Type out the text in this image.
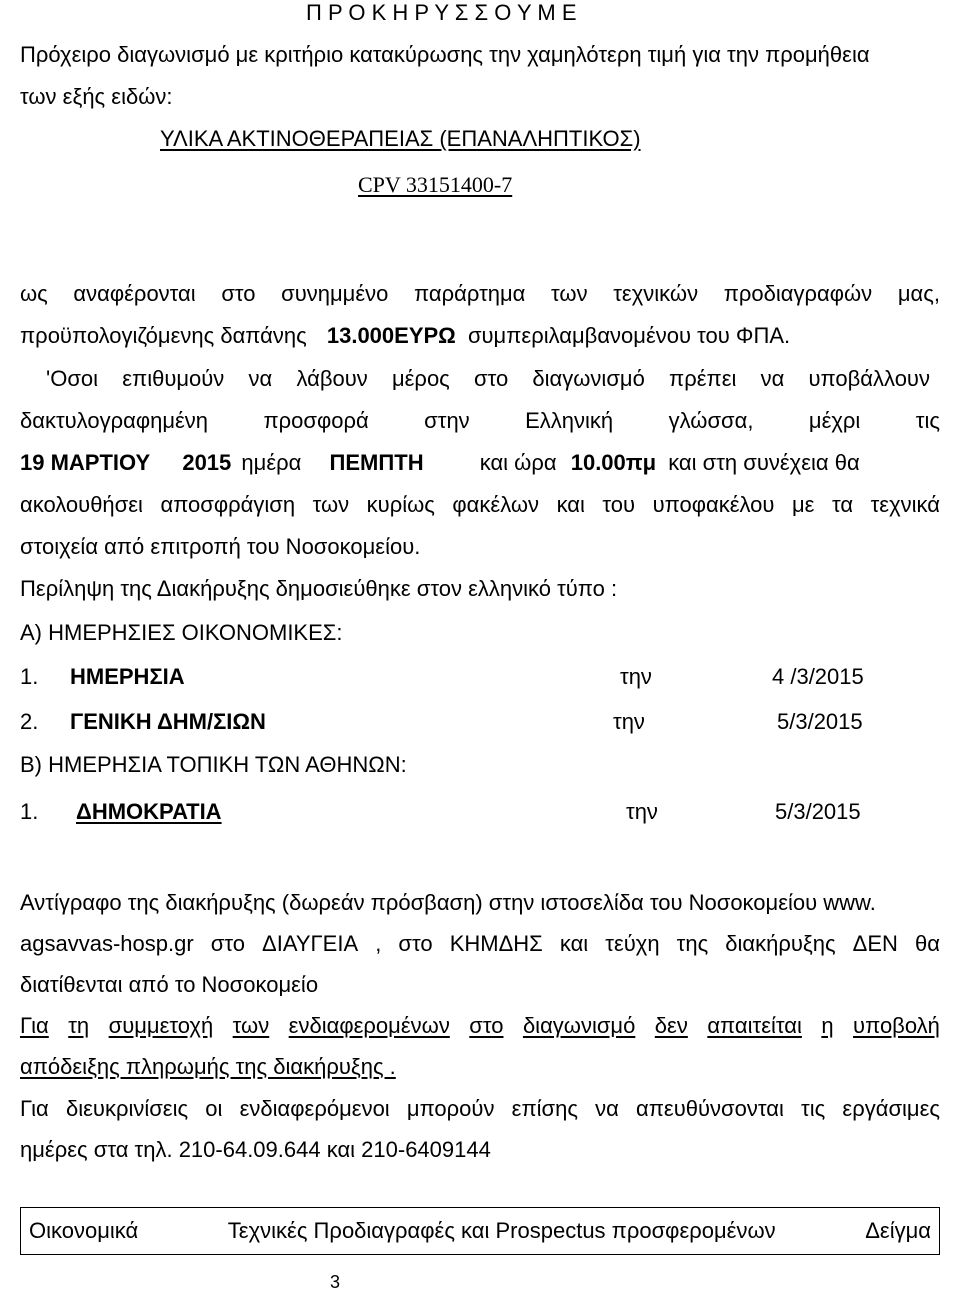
Π Ρ Ο Κ Η Ρ Υ Σ Σ Ο Υ Μ Ε
Πρόχειρο διαγωνισμό με κριτήριο κατακύρωσης την χαμηλότερη τιμή για την προμήθεια
των εξής ειδών:
ΥΛΙΚΑ ΑΚΤΙΝΟΘΕΡΑΠΕΙΑΣ (ΕΠΑΝΑΛΗΠΤΙΚΟΣ)
CPV 33151400-7
ως αναφέρονται στο συνημμένο παράρτημα των τεχνικών προδιαγραφών μας,
προϋπολογιζόμενης δαπάνης 13.000ΕΥΡΩ συμπεριλαμβανομένου του ΦΠΑ.
'Οσοι επιθυμούν να λάβουν μέρος στο διαγωνισμό πρέπει να υποβάλλουν
δακτυλογραφημένη	προσφορά	στην	Ελληνική	γλώσσα,	μέχρι	τις
19 ΜΑΡΤΙΟΥ 2015 ημέρα ΠΕΜΠΤΗ	και ώρα 10.00πμ και στη συνέχεια θα
ακολουθήσει αποσφράγιση των κυρίως φακέλων και του υποφακέλου με τα τεχνικά
στοιχεία από επιτροπή του Νοσοκομείου.
Περίληψη της Διακήρυξης δημοσιεύθηκε στον ελληνικό τύπο :
Α) ΗΜΕΡΗΣΙΕΣ ΟΙΚΟΝΟΜΙΚΕΣ:
1. ΗΜΕΡΗΣΙΑ	την	4 /3/2015
2. ΓΕΝΙΚΗ ΔΗΜ/ΣΙΩΝ	την	5/3/2015
Β) ΗΜΕΡΗΣΙΑ ΤΟΠΙΚΗ ΤΩΝ ΑΘΗΝΩΝ:
1. ΔΗΜΟΚΡΑΤΙΑ	την	5/3/2015
Αντίγραφο της διακήρυξης (δωρεάν πρόσβαση) στην ιστοσελίδα του Νοσοκομείου www.
agsavvas-hosp.gr στο ΔΙΑΥΓΕΙΑ , στο ΚΗΜΔΗΣ και τεύχη της διακήρυξης ΔΕΝ θα
διατίθενται από το Νοσοκομείο
Για τη συμμετοχή των ενδιαφερομένων στο διαγωνισμό δεν απαιτείται η υποβολή
απόδειξης πληρωμής της διακήρυξης .
Για διευκρινίσεις οι ενδιαφερόμενοι μπορούν επίσης να απευθύνσονται τις εργάσιμες
ημέρες στα τηλ. 210-64.09.644 και 210-6409144
Οικονομικά	Τεχνικές Προδιαγραφές και Prospectus προσφερομένων	Δείγμα
3
